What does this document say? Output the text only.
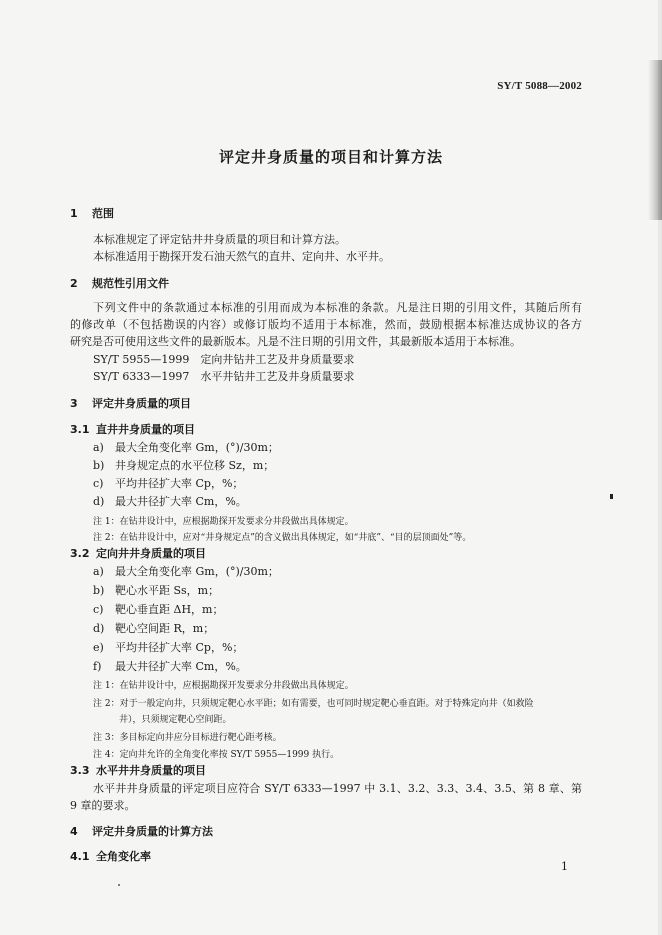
SY/T 5088—2002
评定井身质量的项目和计算方法
1 范围
本标准规定了评定钻井井身质量的项目和计算方法。
本标准适用于勘探开发石油天然气的直井、定向井、水平井。
2 规范性引用文件
下列文件中的条款通过本标准的引用而成为本标准的条款。凡是注日期的引用文件，其随后所有
的修改单（不包括勘误的内容）或修订版均不适用于本标准，然而，鼓励根据本标准达成协议的各方
研究是否可使用这些文件的最新版本。凡是不注日期的引用文件，其最新版本适用于本标准。
SY/T 5955—1999　定向井钻井工艺及井身质量要求
SY/T 6333—1997　水平井钻井工艺及井身质量要求
3 评定井身质量的项目
3.1 直井井身质量的项目
a) 最大全角变化率 Gm，(°)/30m；
b) 井身规定点的水平位移 Sz，m；
c) 平均井径扩大率 Cp，%；
d) 最大井径扩大率 Cm，%。
注 1：在钻井设计中，应根据勘探开发要求分井段做出具体规定。
注 2：在钻井设计中，应对“井身规定点”的含义做出具体规定，如“井底”、“目的层顶面处”等。
3.2 定向井井身质量的项目
a) 最大全角变化率 Gm，(°)/30m；
b) 靶心水平距 Ss，m；
c) 靶心垂直距 ΔH，m；
d) 靶心空间距 R，m；
e) 平均井径扩大率 Cp，%；
f) 最大井径扩大率 Cm，%。
注 1：在钻井设计中，应根据勘探开发要求分井段做出具体规定。
注 2：对于一般定向井，只须规定靶心水平距；如有需要，也可同时规定靶心垂直距。对于特殊定向井（如救险
井），只须规定靶心空间距。
注 3：多目标定向井应分目标进行靶心距考核。
注 4：定向井允许的全角变化率按 SY/T 5955—1999 执行。
3.3 水平井井身质量的项目
水平井井身质量的评定项目应符合 SY/T 6333—1997 中 3.1、3.2、3.3、3.4、3.5、第 8 章、第
9 章的要求。
4 评定井身质量的计算方法
4.1 全角变化率
1
